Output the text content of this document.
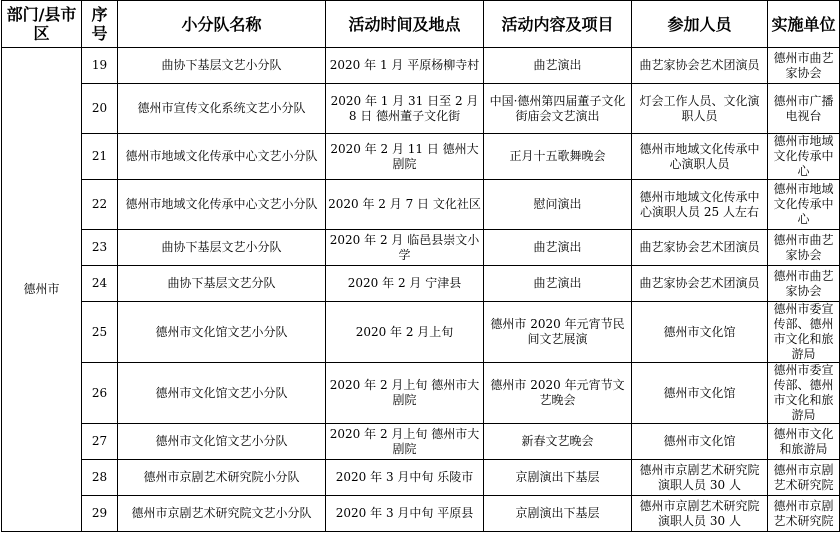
部门/县市区	序号	小分队名称	活动时间及地点	活动内容及项目	参加人员	实施单位
德州市	19	曲协下基层文艺小分队	2020 年 1 月 平原杨柳寺村	曲艺演出	曲艺家协会艺术团演员	德州市曲艺家协会
	20	德州市宣传文化系统文艺小分队	2020 年 1 月 31 日至 2 月 8 日 德州董子文化街	中国·德州第四届董子文化街庙会文艺演出	灯会工作人员、文化演职人员	德州市广播电视台
	21	德州市地域文化传承中心文艺小分队	2020 年 2 月 11 日 德州大剧院	正月十五歌舞晚会	德州市地域文化传承中心演职人员	德州市地域文化传承中心
	22	德州市地域文化传承中心文艺小分队	2020 年 2 月 7 日 文化社区	慰问演出	德州市地域文化传承中心演职人员 25 人左右	德州市地域文化传承中心
	23	曲协下基层文艺小分队	2020 年 2 月 临邑县崇文小学	曲艺演出	曲艺家协会艺术团演员	德州市曲艺家协会
	24	曲协下基层文艺分队	2020 年 2 月 宁津县	曲艺演出	曲艺家协会艺术团演员	德州市曲艺家协会
	25	德州市文化馆文艺小分队	2020 年 2 月上旬	德州市 2020 年元宵节民间文艺展演	德州市文化馆	德州市委宣传部、德州市文化和旅游局
	26	德州市文化馆文艺小分队	2020 年 2 月上旬 德州市大剧院	德州市 2020 年元宵节文艺晚会	德州市文化馆	德州市委宣传部、德州市文化和旅游局
	27	德州市文化馆文艺小分队	2020 年 2 月上旬 德州市大剧院	新春文艺晚会	德州市文化馆	德州市文化和旅游局
	28	德州市京剧艺术研究院小分队	2020 年 3 月中旬 乐陵市	京剧演出下基层	德州市京剧艺术研究院演职人员 30 人	德州市京剧艺术研究院
	29	德州市京剧艺术研究院文艺小分队	2020 年 3 月中旬 平原县	京剧演出下基层	德州市京剧艺术研究院演职人员 30 人	德州市京剧艺术研究院
